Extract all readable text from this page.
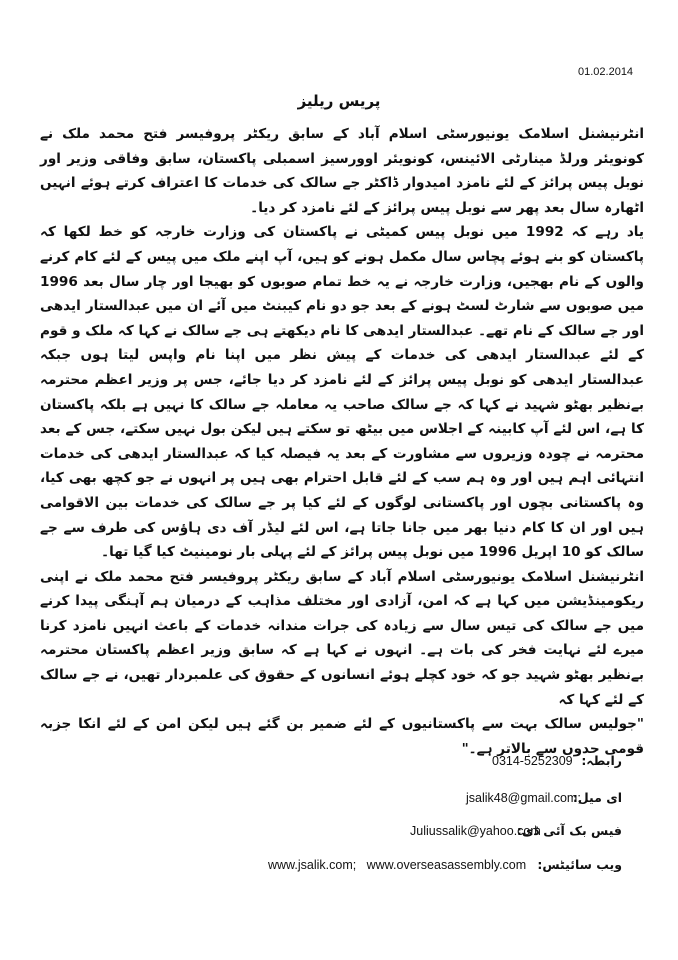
01.02.2014
پریس ریلیز

انٹرنیشنل اسلامک یونیورسٹی اسلام آباد کے سابق ریکٹر پروفیسر فتح محمد ملک نے کونویئر ورلڈ مینارٹی الائینس، کونویئر اوورسیز اسمبلی پاکستان، سابق وفاقی وزیر اور نوبل پیس پرائز کے لئے نامزد امیدوار ڈاکٹر جے سالک کی خدمات کا اعتراف کرتے ہوئے انہیں اٹھارہ سال بعد پھر سے نوبل پیس پرائز کے لئے نامزد کر دیا۔

یاد رہے کہ 1992 میں نوبل پیس کمیٹی نے پاکستان کی وزارت خارجہ کو خط لکھا کہ پاکستان کو بنے ہوئے پچاس سال مکمل ہونے کو ہیں، آپ اپنے ملک میں پیس کے لئے کام کرنے والوں کے نام بھجیں، وزارت خارجہ نے یہ خط تمام صوبوں کو بھیجا اور چار سال بعد 1996 میں صوبوں سے شارٹ لسٹ ہونے کے بعد جو دو نام کیبنٹ میں آئے ان میں عبدالستار ایدھی اور جے سالک کے نام تھے۔ عبدالستار ایدھی کا نام دیکھتے ہی جے سالک نے کہا کہ ملک و قوم کے لئے عبدالستار ایدھی کی خدمات کے پیش نظر میں اپنا نام واپس لیتا ہوں جبکہ عبدالستار ایدھی کو نوبل پیس پرائز کے لئے نامزد کر دیا جائے، جس پر وزیر اعظم محترمہ بےنظیر بھٹو شہید نے کہا کہ جے سالک صاحب یہ معاملہ جے سالک کا نہیں ہے بلکہ پاکستان کا ہے، اس لئے آپ کابینہ کے اجلاس میں بیٹھ تو سکتے ہیں لیکن بول نہیں سکتے، جس کے بعد محترمہ نے چودہ وزیروں سے مشاورت کے بعد یہ فیصلہ کیا کہ عبدالستار ایدھی کی خدمات انتہائی اہم ہیں اور وہ ہم سب کے لئے قابل احترام بھی ہیں پر انہوں نے جو کچھ بھی کیا، وہ پاکستانی بچوں اور پاکستانی لوگوں کے لئے کیا پر جے سالک کی خدمات بین الاقوامی ہیں اور ان کا کام دنیا بھر میں جانا جاتا ہے، اس لئے لیڈر آف دی ہاؤس کی طرف سے جے سالک کو 10 اپریل 1996 میں نوبل پیس پرائز کے لئے پہلی بار نومینیٹ کیا گیا تھا۔

انٹرنیشنل اسلامک یونیورسٹی اسلام آباد کے سابق ریکٹر پروفیسر فتح محمد ملک نے اپنی ریکومینڈیشن میں کہا ہے کہ امن، آزادی اور مختلف مذاہب کے درمیان ہم آہنگی پیدا کرنے میں جے سالک کی تیس سال سے زیادہ کی جرات مندانہ خدمات کے باعث انہیں نامزد کرنا میرے لئے نہایت فخر کی بات ہے۔ انہوں نے کہا ہے کہ سابق وزیر اعظم پاکستان محترمہ بےنظیر بھٹو شہید جو کہ خود کچلے ہوئے انسانوں کے حقوق کی علمبردار تھیں، نے جے سالک کے لئے کہا کہ

"جولیس سالک بہت سے پاکستانیوں کے لئے ضمیر بن گئے ہیں لیکن امن کے لئے انکا جزبہ قومی حدوں سے بالاتر ہے۔"

رابطہ:
0314-5252309
ای میل:
jsalik48@gmail.com;
فیس بک آئی ڈی:
Juliussalik@yahoo.com
ویب سائیٹس:
www.jsalik.com;   www.overseasassembly.com
